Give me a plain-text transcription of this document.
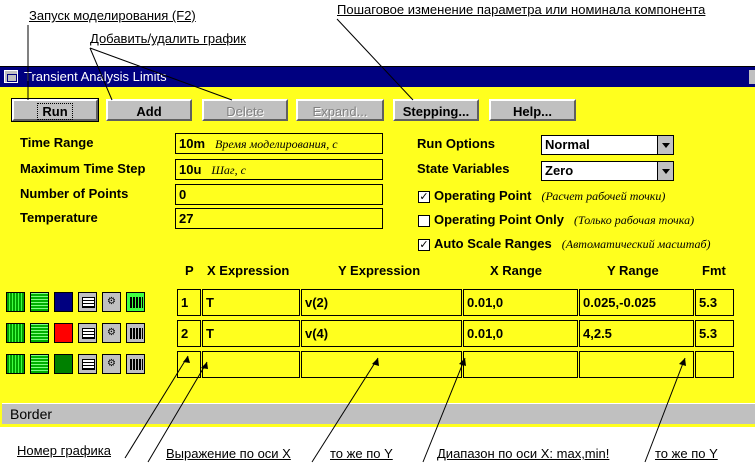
Запуск моделирования (F2)
Добавить/удалить график
Пошаговое изменение параметра или номинала компонента
Номер графика	Выражение по оси X	то же по Y	Диапазон по оси X: max,min!	то же по Y
Transient Analysis Limits
Run	Add	Delete	Expand...	Stepping...	Help...
Time Range	10m Время моделирования, с
Maximum Time Step	10u Шаг, с
Number of Points	0
Temperature	27
Run Options	Normal
State Variables	Zero
✓ Operating Point (Расчет рабочей точки)
Operating Point Only (Только рабочая точка)
✓ Auto Scale Ranges (Автоматический масштаб)
P X Expression	Y Expression	X Range	Y Range	Fmt
⚙	1	T	v(2)	0.01,0	0.025,-0.025	5.3
⚙	2	T	v(4)	0.01,0	4,2.5	5.3
⚙
Border
